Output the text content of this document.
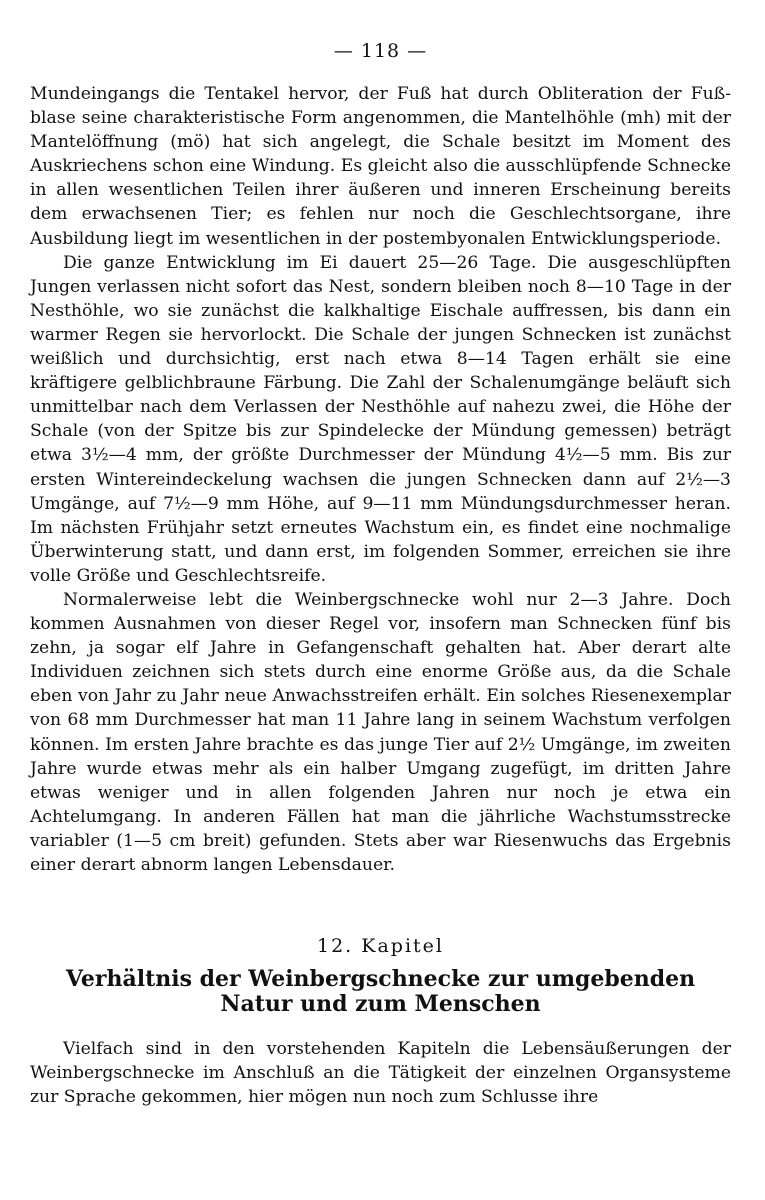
— 118 —

Mundeingangs die Tentakel hervor, der Fuß hat durch Obliteration der Fußblase seine charakteristische Form angenommen, die Mantelhöhle (mh) mit der Mantelöffnung (mö) hat sich angelegt, die Schale besitzt im Moment des Auskriechens schon eine Windung. Es gleicht also die ausschlüpfende Schnecke in allen wesentlichen Teilen ihrer äußeren und inneren Erscheinung bereits dem erwachsenen Tier; es fehlen nur noch die Geschlechtsorgane, ihre Ausbildung liegt im wesentlichen in der postembyonalen Entwicklungsperiode.

Die ganze Entwicklung im Ei dauert 25—26 Tage. Die ausgeschlüpften Jungen verlassen nicht sofort das Nest, sondern bleiben noch 8—10 Tage in der Nesthöhle, wo sie zunächst die kalkhaltige Eischale auffressen, bis dann ein warmer Regen sie hervorlockt. Die Schale der jungen Schnecken ist zunächst weißlich und durchsichtig, erst nach etwa 8—14 Tagen erhält sie eine kräftigere gelblichbraune Färbung. Die Zahl der Schalenumgänge beläuft sich unmittelbar nach dem Verlassen der Nesthöhle auf nahezu zwei, die Höhe der Schale (von der Spitze bis zur Spindelecke der Mündung gemessen) beträgt etwa 3½—4 mm, der größte Durchmesser der Mündung 4½—5 mm. Bis zur ersten Wintereindeckelung wachsen die jungen Schnecken dann auf 2½—3 Umgänge, auf 7½—9 mm Höhe, auf 9—11 mm Mündungsdurchmesser heran. Im nächsten Frühjahr setzt erneutes Wachstum ein, es findet eine nochmalige Überwinterung statt, und dann erst, im folgenden Sommer, erreichen sie ihre volle Größe und Geschlechtsreife.

Normalerweise lebt die Weinbergschnecke wohl nur 2—3 Jahre. Doch kommen Ausnahmen von dieser Regel vor, insofern man Schnecken fünf bis zehn, ja sogar elf Jahre in Gefangenschaft gehalten hat. Aber derart alte Individuen zeichnen sich stets durch eine enorme Größe aus, da die Schale eben von Jahr zu Jahr neue Anwachsstreifen erhält. Ein solches Riesenexemplar von 68 mm Durchmesser hat man 11 Jahre lang in seinem Wachstum verfolgen können. Im ersten Jahre brachte es das junge Tier auf 2½ Umgänge, im zweiten Jahre wurde etwas mehr als ein halber Umgang zugefügt, im dritten Jahre etwas weniger und in allen folgenden Jahren nur noch je etwa ein Achtelumgang. In anderen Fällen hat man die jährliche Wachstumsstrecke variabler (1—5 cm breit) gefunden. Stets aber war Riesenwuchs das Ergebnis einer derart abnorm langen Lebensdauer.

12. Kapitel
Verhältnis der Weinbergschnecke zur umgebenden Natur und zum Menschen

Vielfach sind in den vorstehenden Kapiteln die Lebensäußerungen der Weinbergschnecke im Anschluß an die Tätigkeit der einzelnen Organsysteme zur Sprache gekommen, hier mögen nun noch zum Schlusse ihre
